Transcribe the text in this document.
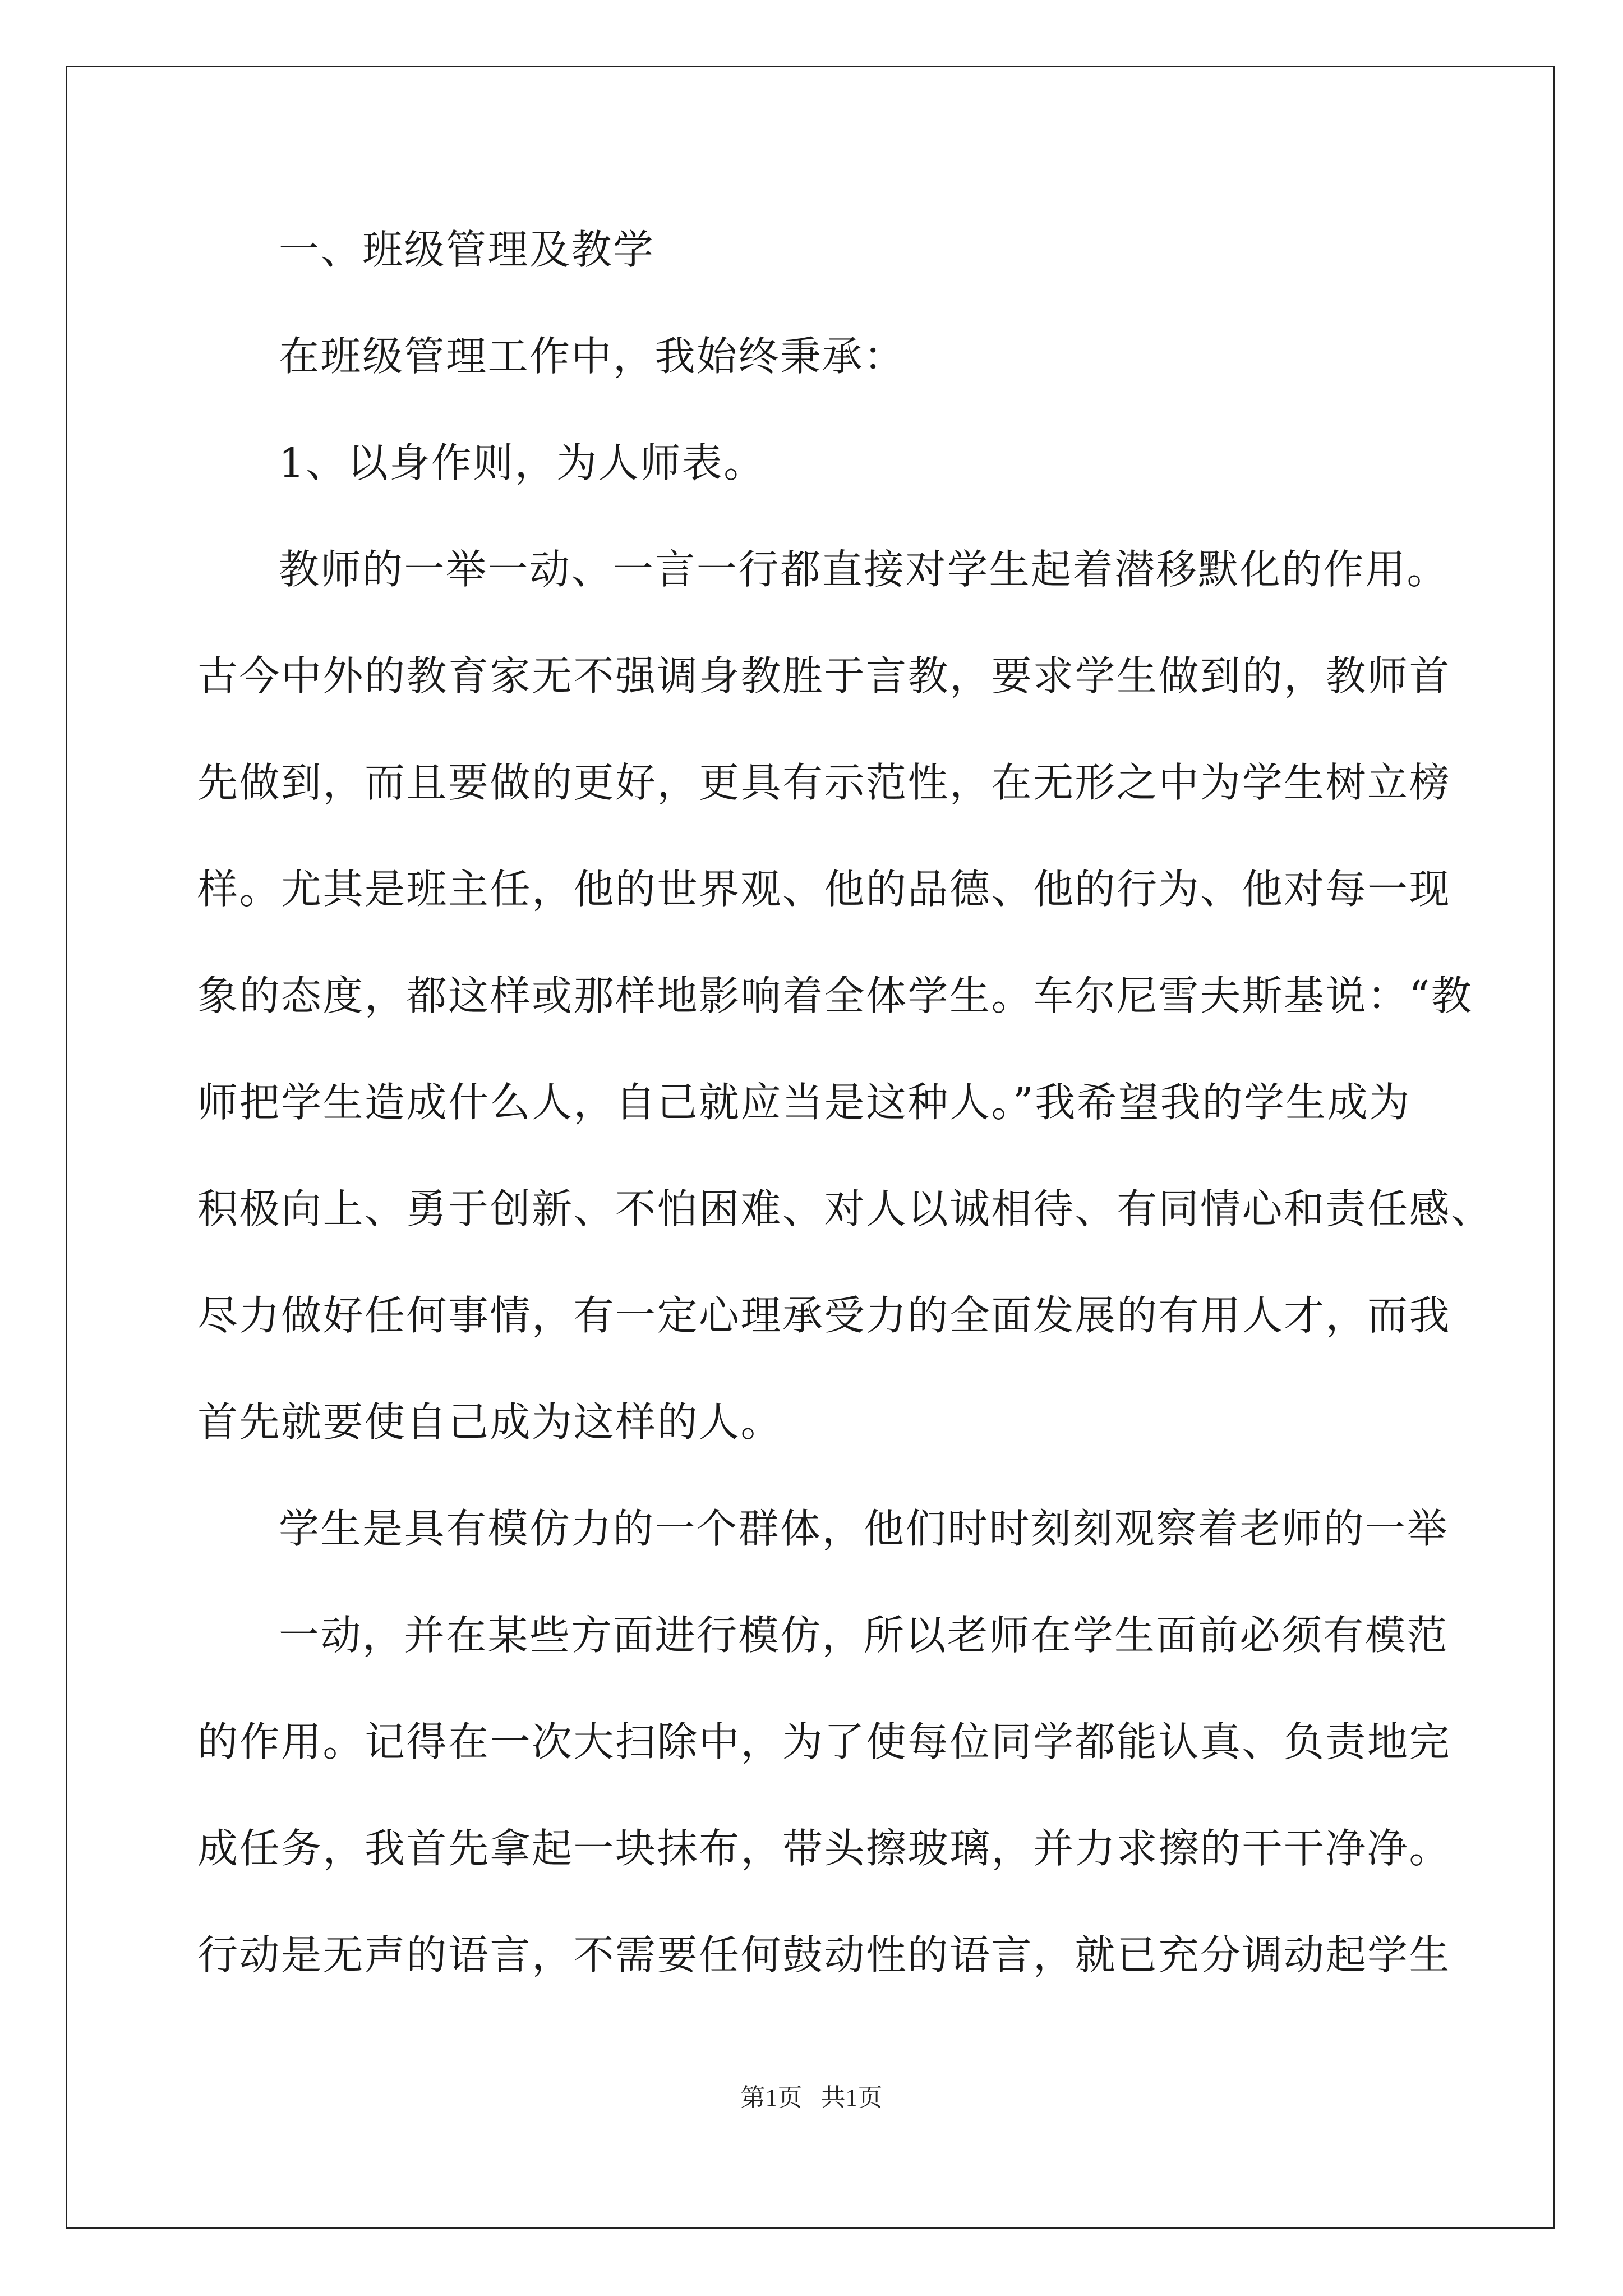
一、班级管理及教学
在班级管理工作中，我始终秉承：
1、以身作则，为人师表。
教师的一举一动、一言一行都直接对学生起着潜移默化的作用。
古今中外的教育家无不强调身教胜于言教，要求学生做到的，教师首
先做到，而且要做的更好，更具有示范性，在无形之中为学生树立榜
样。尤其是班主任，他的世界观、他的品德、他的行为、他对每一现
象的态度，都这样或那样地影响着全体学生。车尔尼雪夫斯基说：“教
师把学生造成什么人，自己就应当是这种人。”我希望我的学生成为
积极向上、勇于创新、不怕困难、对人以诚相待、有同情心和责任感、
尽力做好任何事情，有一定心理承受力的全面发展的有用人才，而我
首先就要使自己成为这样的人。
学生是具有模仿力的一个群体，他们时时刻刻观察着老师的一举
一动，并在某些方面进行模仿，所以老师在学生面前必须有模范
的作用。记得在一次大扫除中，为了使每位同学都能认真、负责地完
成任务，我首先拿起一块抹布，带头擦玻璃，并力求擦的干干净净。
行动是无声的语言，不需要任何鼓动性的语言，就已充分调动起学生
第1页   共1页
